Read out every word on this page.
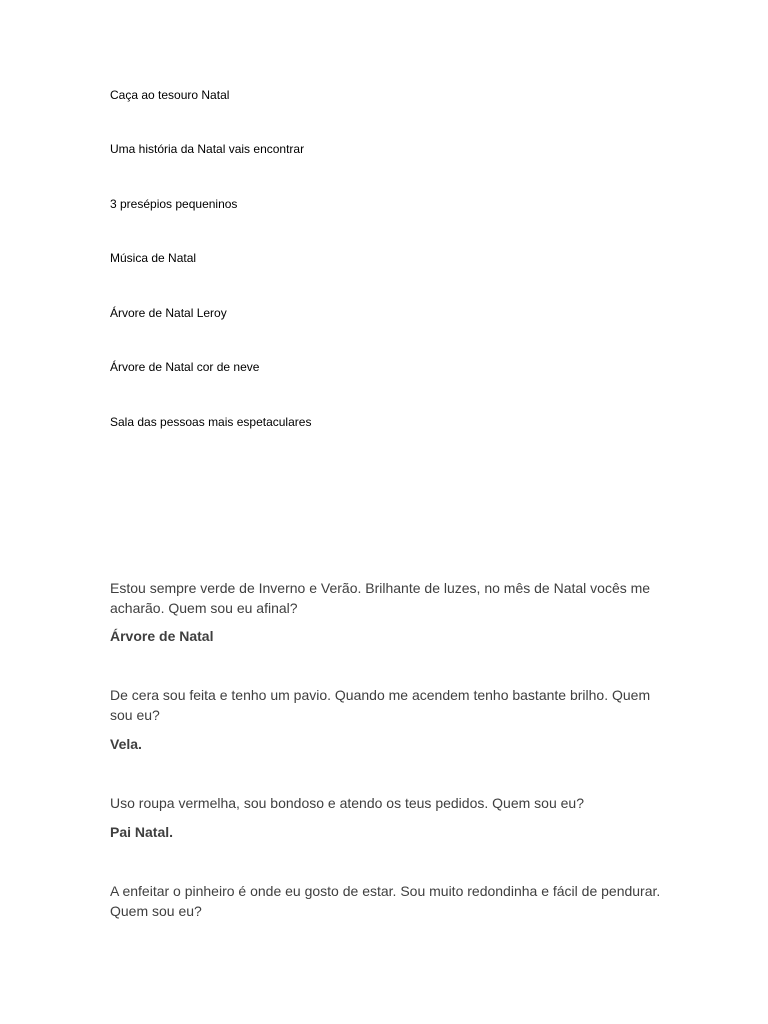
Caça ao tesouro Natal
Uma história da Natal vais encontrar
3 presépios pequeninos
Música de Natal
Árvore de Natal Leroy
Árvore de Natal cor de neve
Sala das pessoas mais espetaculares
Estou sempre verde de Inverno e Verão. Brilhante de luzes, no mês de Natal vocês me acharão. Quem sou eu afinal?
Árvore de Natal
De cera sou feita e tenho um pavio. Quando me acendem tenho bastante brilho. Quem sou eu?
Vela.
Uso roupa vermelha, sou bondoso e atendo os teus pedidos. Quem sou eu?
Pai Natal.
A enfeitar o pinheiro é onde eu gosto de estar. Sou muito redondinha e fácil de pendurar. Quem sou eu?
